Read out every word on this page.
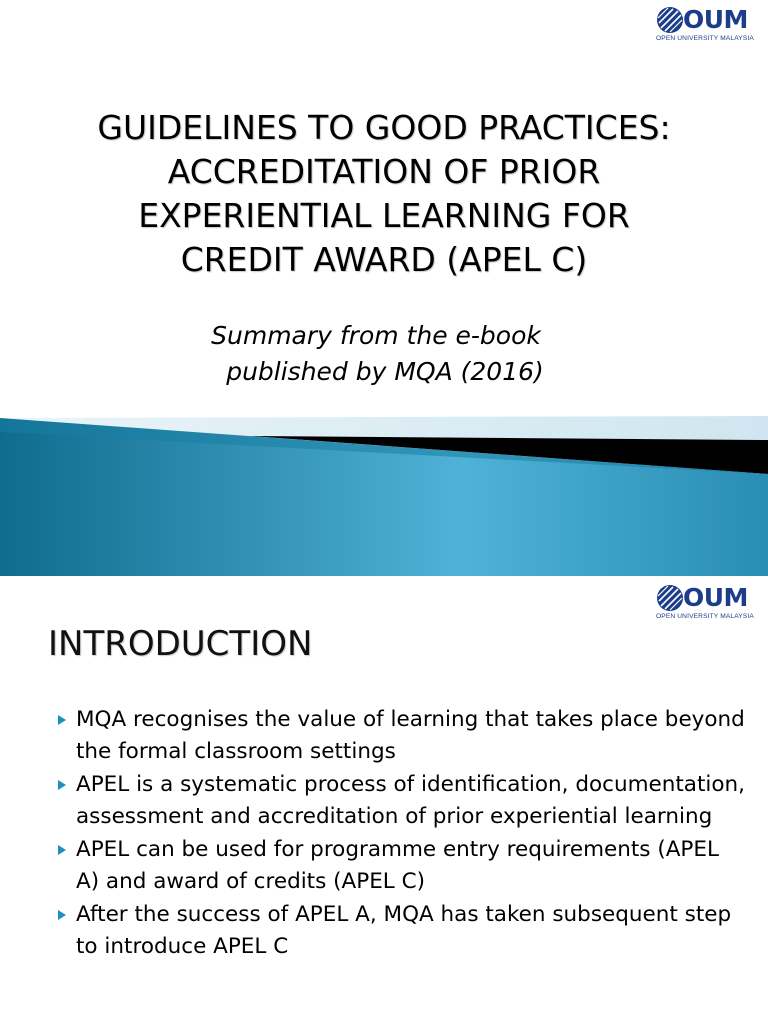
OUM
OPEN UNIVERSITY MALAYSIA
GUIDELINES TO GOOD PRACTICES:
ACCREDITATION OF PRIOR
EXPERIENTIAL LEARNING FOR
CREDIT AWARD (APEL C)
Summary from the e-book
published by MQA (2016)
OUM
OPEN UNIVERSITY MALAYSIA
INTRODUCTION
MQA recognises the value of learning that takes place beyond the formal classroom settings
APEL is a systematic process of identification, documentation, assessment and accreditation of prior experiential learning
APEL can be used for programme entry requirements (APEL A) and award of credits (APEL C)
After the success of APEL A, MQA has taken subsequent step to introduce APEL C
